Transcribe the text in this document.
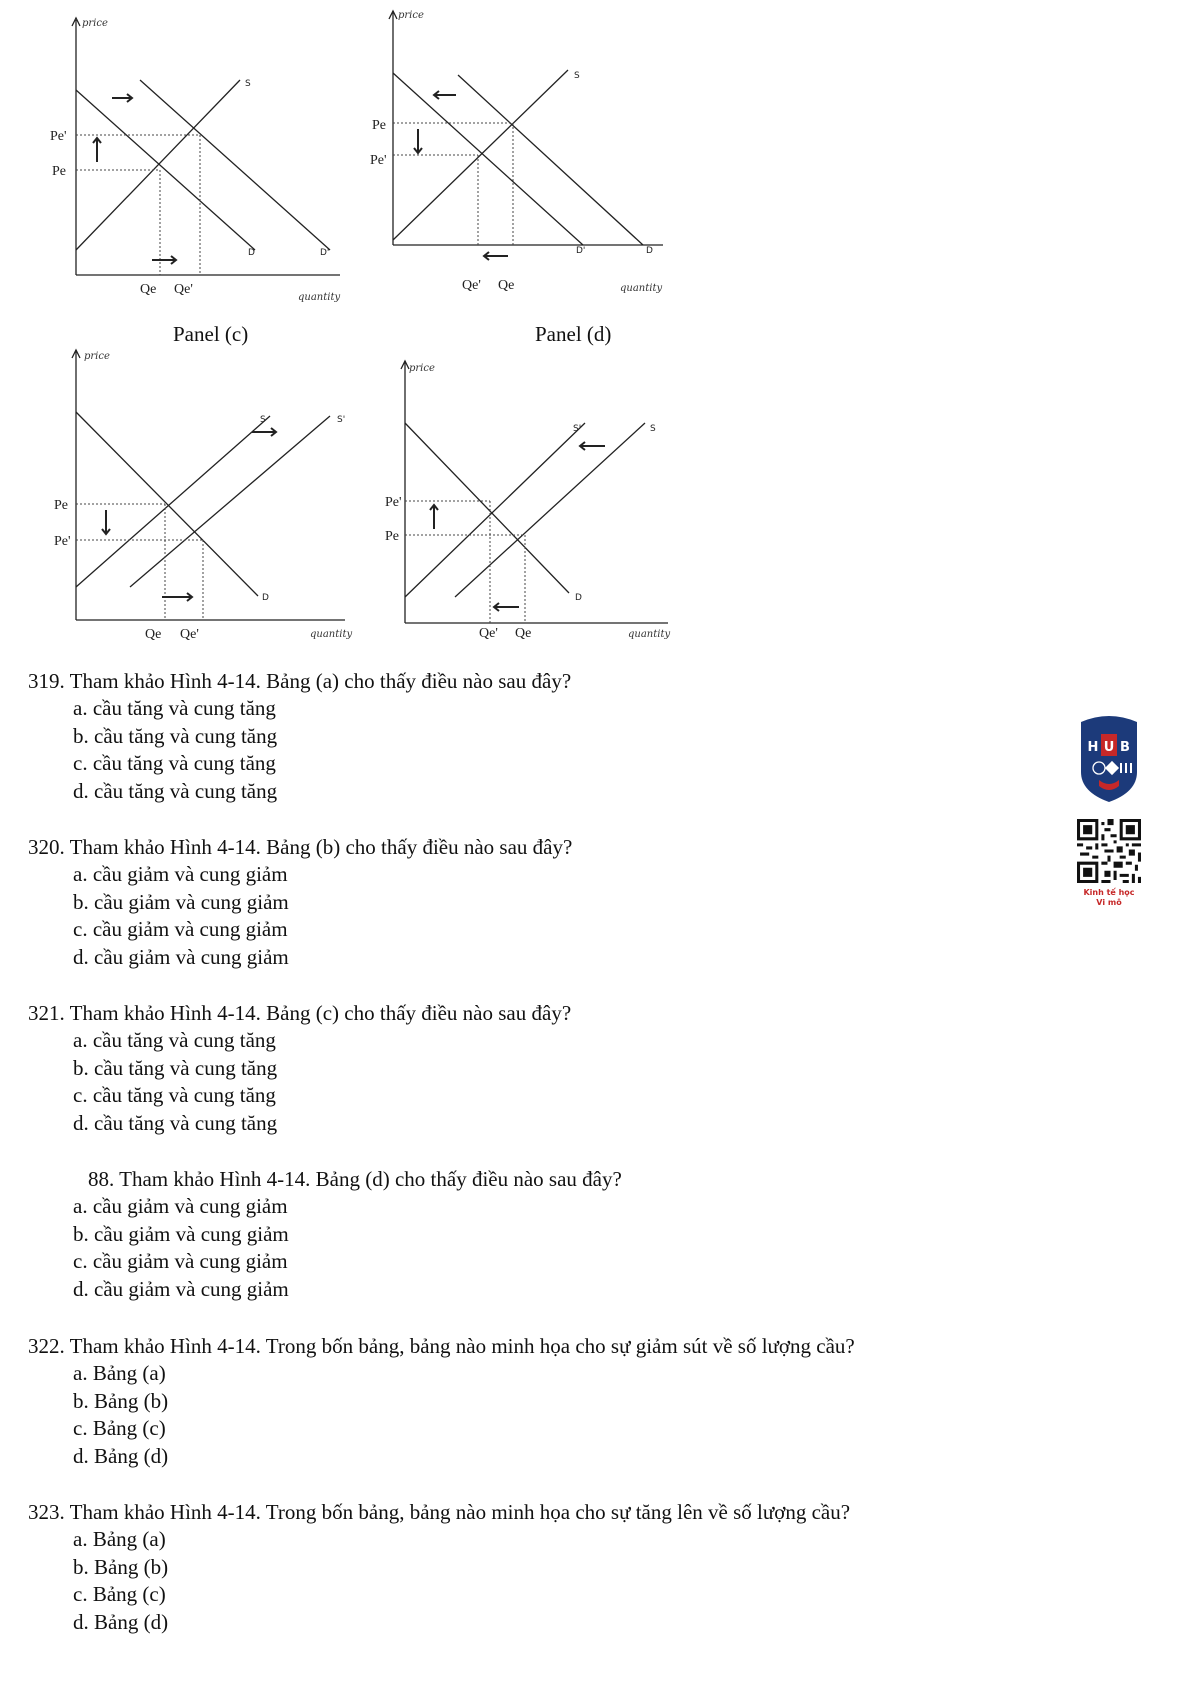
price
quantity
S
D	D'
Pe'
Pe
Qe Qe'
price
quantity
S
D'	D
Pe
Pe'
Qe' Qe
Panel (c)	Panel (d)
price
quantity
S	S'
D
Pe
Pe'
Qe Qe'
price
quantity
S'	S
D
Pe'
Pe
Qe' Qe
319. Tham khảo Hình 4-14. Bảng (a) cho thấy điều nào sau đây?
a. cầu tăng và cung tăng
b. cầu tăng và cung tăng
c. cầu tăng và cung tăng
d. cầu tăng và cung tăng
320. Tham khảo Hình 4-14. Bảng (b) cho thấy điều nào sau đây?
a. cầu giảm và cung giảm
b. cầu giảm và cung giảm
c. cầu giảm và cung giảm
d. cầu giảm và cung giảm
321. Tham khảo Hình 4-14. Bảng (c) cho thấy điều nào sau đây?
a. cầu tăng và cung tăng
b. cầu tăng và cung tăng
c. cầu tăng và cung tăng
d. cầu tăng và cung tăng
88. Tham khảo Hình 4-14. Bảng (d) cho thấy điều nào sau đây?
a. cầu giảm và cung giảm
b. cầu giảm và cung giảm
c. cầu giảm và cung giảm
d. cầu giảm và cung giảm
322. Tham khảo Hình 4-14. Trong bốn bảng, bảng nào minh họa cho sự giảm sút về số lượng cầu?
a. Bảng (a)
b. Bảng (b)
c. Bảng (c)
d. Bảng (d)
323. Tham khảo Hình 4-14. Trong bốn bảng, bảng nào minh họa cho sự tăng lên về số lượng cầu?
a. Bảng (a)
b. Bảng (b)
c. Bảng (c)
d. Bảng (d)
H U B

Kinh tế học
Vi mô
